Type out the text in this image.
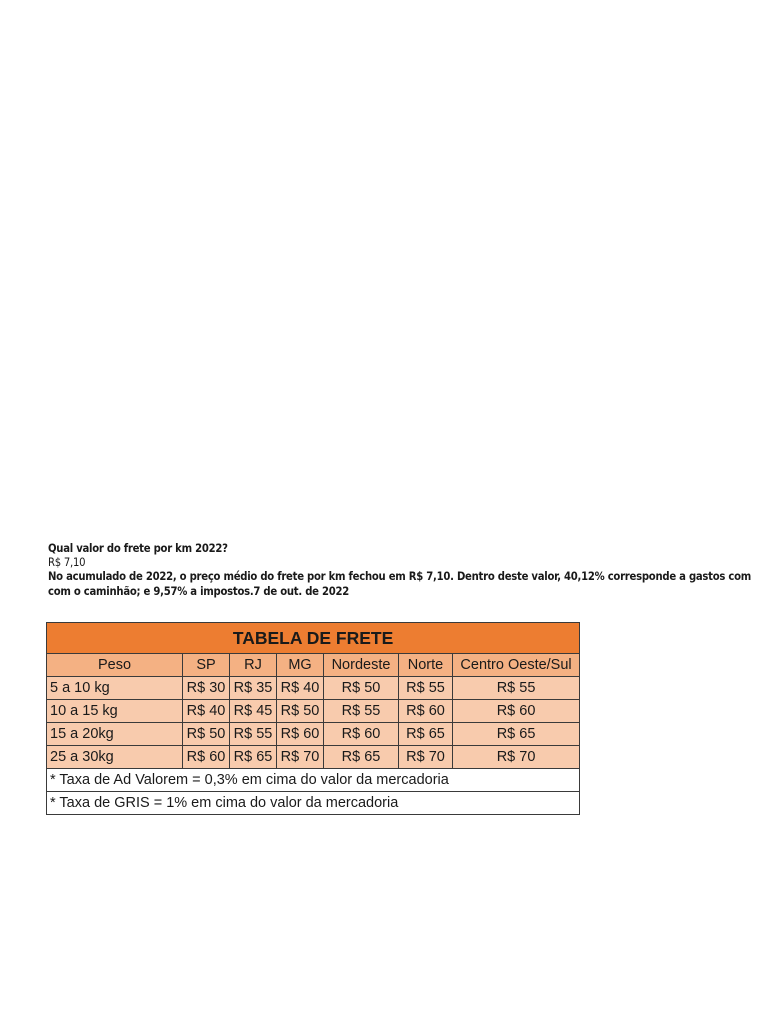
Qual valor do frete por km 2022?
R$ 7,10
No acumulado de 2022, o preço médio do frete por km fechou em R$ 7,10. Dentro deste valor, 40,12% corresponde a gastos com
com o caminhão; e 9,57% a impostos.7 de out. de 2022
TABELA DE FRETE						
Peso	SP	RJ	MG	Nordeste	Norte	Centro Oeste/Sul
5 a 10 kg	R$ 30	R$ 35	R$ 40	R$ 50	R$ 55	R$ 55
10 a 15 kg	R$ 40	R$ 45	R$ 50	R$ 55	R$ 60	R$ 60
15 a 20kg	R$ 50	R$ 55	R$ 60	R$ 60	R$ 65	R$ 65
25 a 30kg	R$ 60	R$ 65	R$ 70	R$ 65	R$ 70	R$ 70
* Taxa de Ad Valorem = 0,3% em cima do valor da mercadoria						
* Taxa de GRIS = 1% em cima do valor da mercadoria						
